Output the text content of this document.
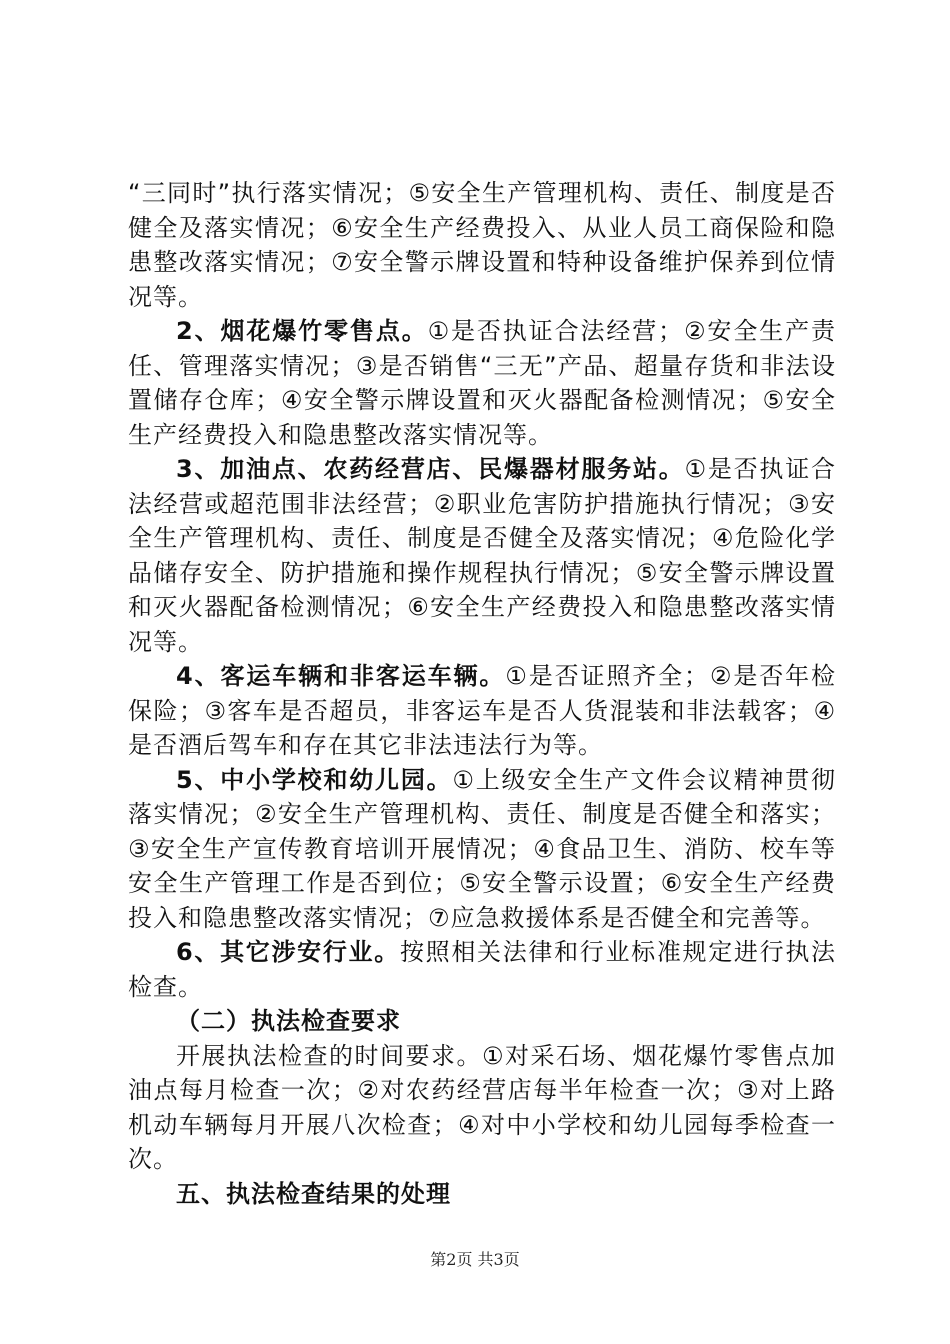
“三同时”执行落实情况；⑤安全生产管理机构、责任、制度是否健全及落实情况；⑥安全生产经费投入、从业人员工商保险和隐患整改落实情况；⑦安全警示牌设置和特种设备维护保养到位情况等。

2、烟花爆竹零售点。①是否执证合法经营；②安全生产责任、管理落实情况；③是否销售“三无”产品、超量存货和非法设置储存仓库；④安全警示牌设置和灭火器配备检测情况；⑤安全生产经费投入和隐患整改落实情况等。

3、加油点、农药经营店、民爆器材服务站。①是否执证合法经营或超范围非法经营；②职业危害防护措施执行情况；③安全生产管理机构、责任、制度是否健全及落实情况；④危险化学品储存安全、防护措施和操作规程执行情况；⑤安全警示牌设置和灭火器配备检测情况；⑥安全生产经费投入和隐患整改落实情况等。

4、客运车辆和非客运车辆。①是否证照齐全；②是否年检保险；③客车是否超员，非客运车是否人货混装和非法载客；④是否酒后驾车和存在其它非法违法行为等。

5、中小学校和幼儿园。①上级安全生产文件会议精神贯彻落实情况；②安全生产管理机构、责任、制度是否健全和落实；③安全生产宣传教育培训开展情况；④食品卫生、消防、校车等安全生产管理工作是否到位；⑤安全警示设置；⑥安全生产经费投入和隐患整改落实情况；⑦应急救援体系是否健全和完善等。

6、其它涉安行业。按照相关法律和行业标准规定进行执法检查。

（二）执法检查要求

开展执法检查的时间要求。①对采石场、烟花爆竹零售点加油点每月检查一次；②对农药经营店每半年检查一次；③对上路机动车辆每月开展八次检查；④对中小学校和幼儿园每季检查一次。

五、执法检查结果的处理

第2页 共3页
